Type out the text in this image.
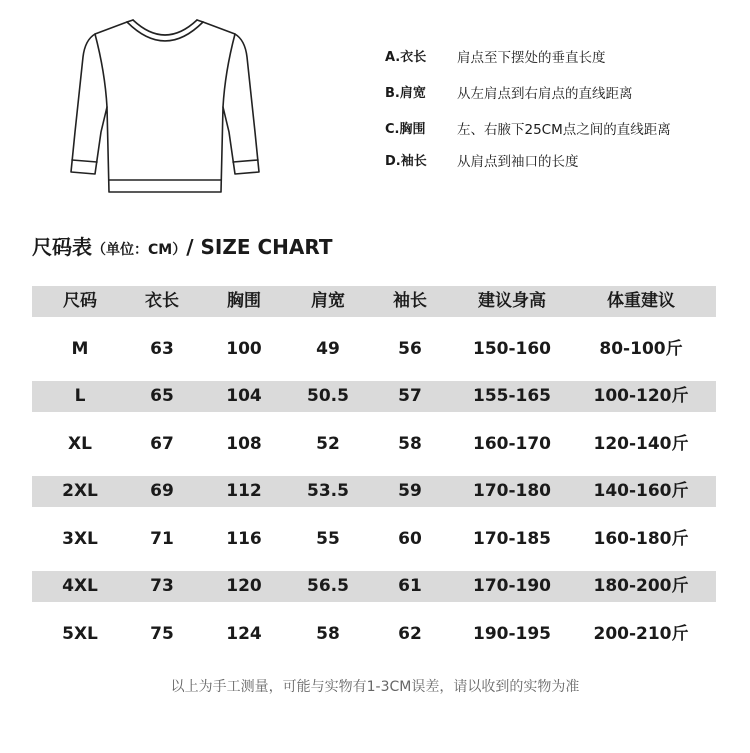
A.衣长	肩点至下摆处的垂直长度
B.肩宽	从左肩点到右肩点的直线距离
C.胸围	左、右腋下25CM点之间的直线距离
D.袖长	从肩点到袖口的长度
尺码表（单位：CM）/ SIZE CHART
尺码	衣长	胸围	肩宽	袖长	建议身高	体重建议
M	63	100	49	56	150-160	80-100斤
L	65	104	50.5	57	155-165 100-120斤
XL	67	108	52	58	160-170 120-140斤
2XL	69	112	53.5	59	170-180 140-160斤
3XL	71	116	55	60	170-185 160-180斤
4XL	73	120	56.5	61	170-190 180-200斤
5XL	75	124	58	62	190-195 200-210斤
以上为手工测量，可能与实物有1-3CM误差，请以收到的实物为准
